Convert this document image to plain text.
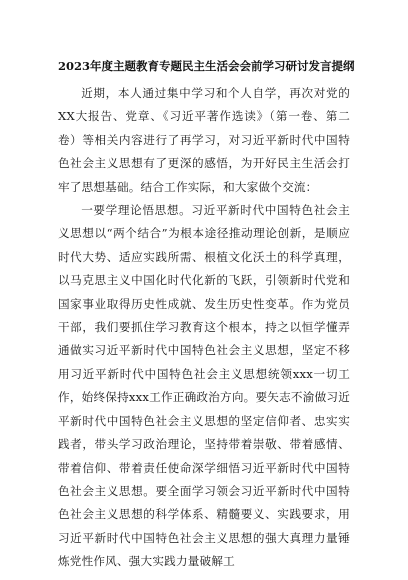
2023年度主题教育专题民主生活会会前学习研讨发言提纲

近期，本人通过集中学习和个人自学，再次对党的XX大报告、党章、《习近平著作选读》（第一卷、第二卷）等相关内容进行了再学习，对习近平新时代中国特色社会主义思想有了更深的感悟，为开好民主生活会打牢了思想基础。结合工作实际，和大家做个交流：

一要学理论悟思想。习近平新时代中国特色社会主义思想以“两个结合”为根本途径推动理论创新，是顺应时代大势、适应实践所需、根植文化沃土的科学真理，以马克思主义中国化时代化新的飞跃，引领新时代党和国家事业取得历史性成就、发生历史性变革。作为党员干部，我们要抓住学习教育这个根本，持之以恒学懂弄通做实习近平新时代中国特色社会主义思想，坚定不移用习近平新时代中国特色社会主义思想统领xxx一切工作，始终保持xxx工作正确政治方向。要矢志不渝做习近平新时代中国特色社会主义思想的坚定信仰者、忠实实践者，带头学习政治理论，坚持带着崇敬、带着感情、带着信仰、带着责任使命深学细悟习近平新时代中国特色社会主义思想。要全面学习领会习近平新时代中国特色社会主义思想的科学体系、精髓要义、实践要求，用习近平新时代中国特色社会主义思想的强大真理力量锤炼党性作风、强大实践力量破解工
